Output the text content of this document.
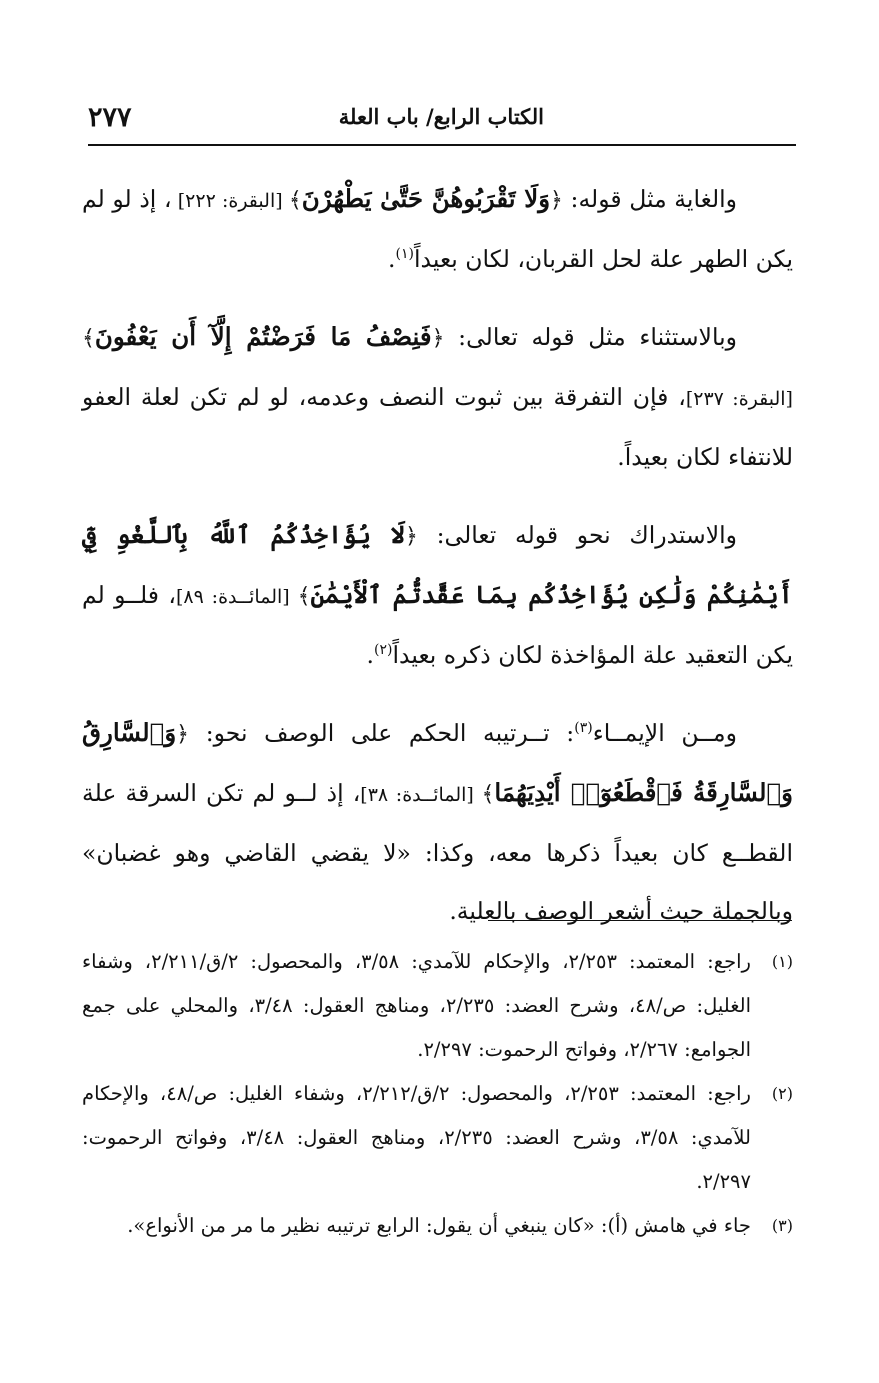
الكتاب الرابع/ باب العلة
٢٧٧

والغاية مثل قوله: ﴿وَلَا تَقْرَبُوهُنَّ حَتَّىٰ يَطْهُرْنَ﴾ [البقرة: ٢٢٢] ، إذ لو لم يكن الطهر علة لحل القربان، لكان بعيداً$^{(١)}$.

وبالاستثناء مثل قوله تعالى: ﴿فَنِصْفُ مَا فَرَضْتُمْ إِلَّآ أَن يَعْفُونَ﴾ [البقرة: ٢٣٧]، فإن التفرقة بين ثبوت النصف وعدمه، لو لم تكن لعلة العفو للانتفاء لكان بعيداً.

والاستدراك نحو قوله تعالى: ﴿لَا يُؤَاخِذُكُمُ ٱللَّهُ بِٱللَّغْوِ فِيٓ أَيْمَٰنِكُمْ وَلَٰكِن يُؤَاخِذُكُم بِمَا عَقَّدتُّمُ ٱلْأَيْمَٰنَ﴾ [المائــدة: ٨٩]، فلــو لم يكن التعقيد علة المؤاخذة لكان ذكره بعيداً$^{(٢)}$.

ومــن الإيمــاء$^{(٣)}$: تــرتيبه الحكم على الوصف نحو: ﴿وَٱلسَّارِقُ وَٱلسَّارِقَةُ فَٱقْطَعُوٓا۟ أَيْدِيَهُمَا﴾ [المائــدة: ٣٨]، إذ لــو لم تكن السرقة علة القطــع كان بعيداً ذكرها معه، وكذا: «لا يقضي القاضي وهو غضبان» وبالجملة حيث أشعر الوصف بالعلية.

(١)
راجع: المعتمد: ٢/٢٥٣، والإحكام للآمدي: ٣/٥٨، والمحصول: ٢/ق/٢/٢١١، وشفاء الغليل: ص/٤٨، وشرح العضد: ٢/٢٣٥، ومناهج العقول: ٣/٤٨، والمحلي على جمع الجوامع: ٢/٢٦٧، وفواتح الرحموت: ٢/٢٩٧.

(٢)
راجع: المعتمد: ٢/٢٥٣، والمحصول: ٢/ق/٢/٢١٢، وشفاء الغليل: ص/٤٨، والإحكام للآمدي: ٣/٥٨، وشرح العضد: ٢/٢٣٥، ومناهج العقول: ٣/٤٨، وفواتح الرحموت: ٢/٢٩٧.

(٣)
جاء في هامش (أ): «كان ينبغي أن يقول: الرابع ترتيبه نظير ما مر من الأنواع».
